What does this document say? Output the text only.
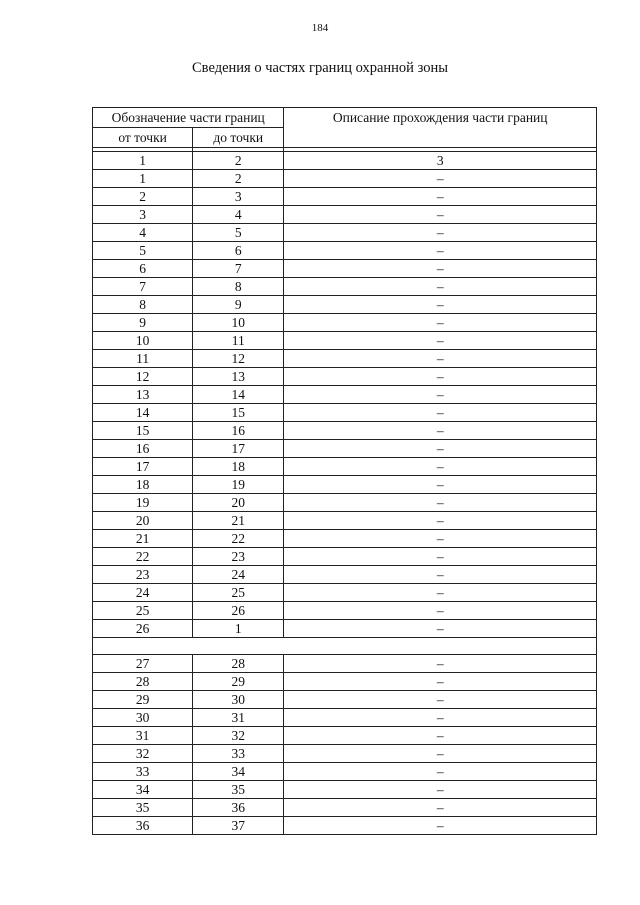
184
Сведения о частях границ охранной зоны
Обозначение части границ		Описание прохождения части границ
от точки	до точки	

1	2	3
1	2	–
2	3	–
3	4	–
4	5	–
5	6	–
6	7	–
7	8	–
8	9	–
9	10	–
10	11	–
11	12	–
12	13	–
13	14	–
14	15	–
15	16	–
16	17	–
17	18	–
18	19	–
19	20	–
20	21	–
21	22	–
22	23	–
23	24	–
24	25	–
25	26	–
26	1	–

27	28	–
28	29	–
29	30	–
30	31	–
31	32	–
32	33	–
33	34	–
34	35	–
35	36	–
36	37	–
